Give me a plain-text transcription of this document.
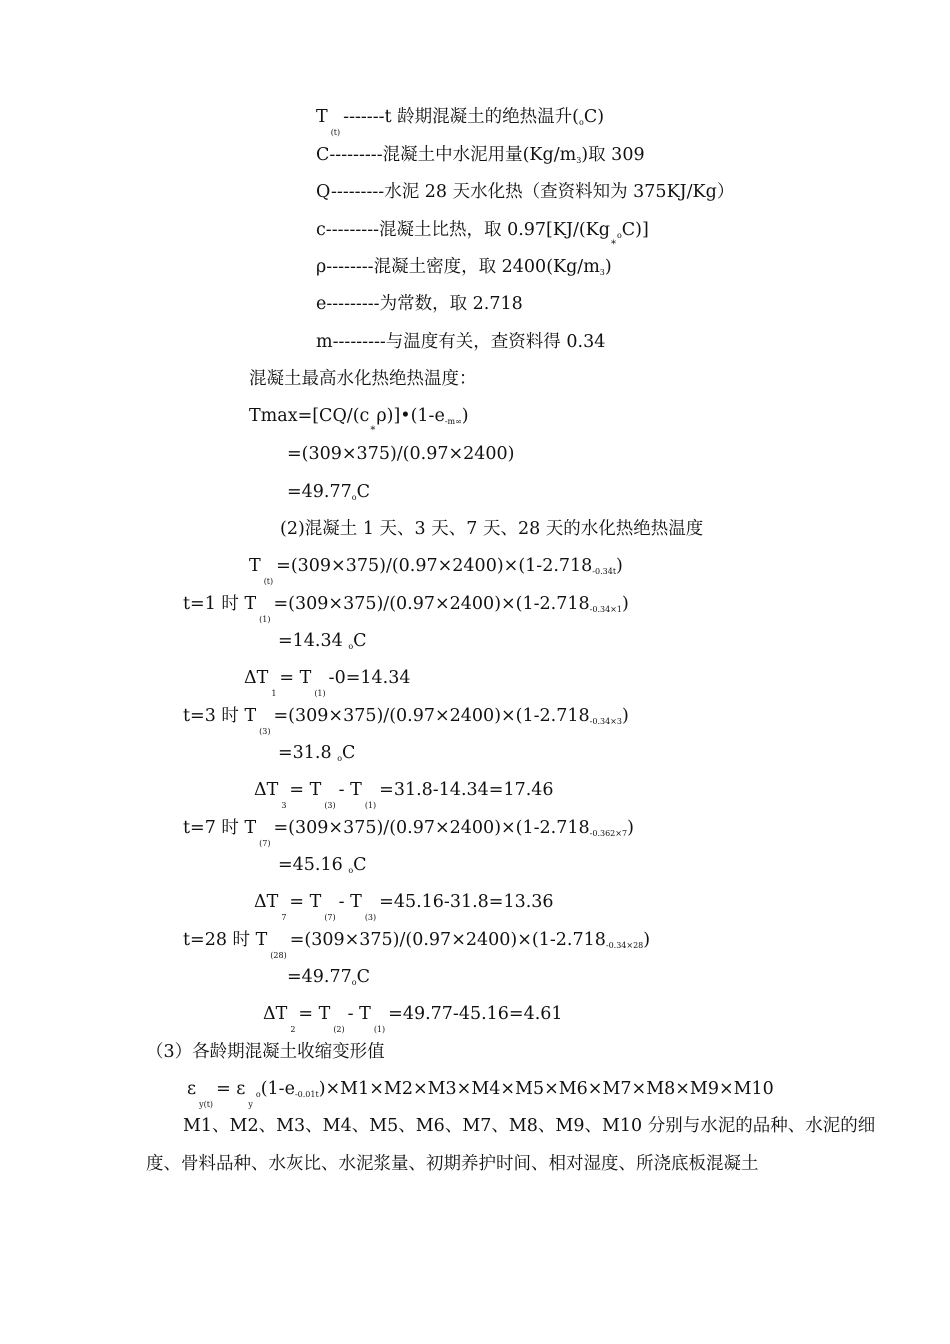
$T_{(t)}-------t$ 龄期混凝土的绝热温升(oC)
C---------混凝土中水泥用量(Kg/m3)取 309
Q---------水泥 28 天水化热（查资料知为 375KJ/Kg）
c---------混凝土比热，取 $0.97[KJ/(Kg_*oC)]$
ρ--------混凝土密度，取 2400(Kg/m3)
e---------为常数，取 2.718
m---------与温度有关，查资料得 0.34
混凝土最高水化热绝热温度：
$Tmax=[CQ/(c_*\rho)]•(1-e-m\infty)$
=(309×375)/(0.97×2400)
=49.77oC
(2)混凝土 1 天、3 天、7 天、28 天的水化热绝热温度
$T_{(t)}=(309\times 375)/(0.97\times 2400)\times(1-2.718-0.34t)$
t=1 时 $T_{(1)}=(309\times 375)/(0.97\times 2400)\times(1-2.718-0.34\times 1)$
=14.34 oC
$\Delta T_1= T_{(1)}-0=14.34$
t=3 时 $T_{(3)}=(309\times 375)/(0.97\times 2400)\times(1-2.718-0.34\times 3)$
=31.8 oC
$\Delta T_3= T_{(3)}-$ $T_{(1)}=31.8-14.34=17.46$
t=7 时 $T_{(7)}=(309\times 375)/(0.97\times 2400)\times(1-2.718-0.362\times 7)$
=45.16 oC
$\Delta T_7= T_{(7)}-$ $T_{(3)}=45.16-31.8=13.36$
t=28 时 $T_{(28)}=(309\times 375)/(0.97\times 2400)\times(1-2.718-0.34\times 28)$
=49.77oC
$\Delta T_2= T_{(2)}-$ $T_{(1)}=49.77-45.16=4.61$
（3）各龄期混凝土收缩变形值
$\varepsilon_{y(t)}= \varepsilon_yo(1-e-0.01t)\times M1\times M2\times M3\times M4\times M5\times M6\times M7\times M8\times M9\times M10$
M1、M2、M3、M4、M5、M6、M7、M8、M9、M10 分别与水泥的品种、水泥的细
度、骨料品种、水灰比、水泥浆量、初期养护时间、相对湿度、所浇底板混凝土
